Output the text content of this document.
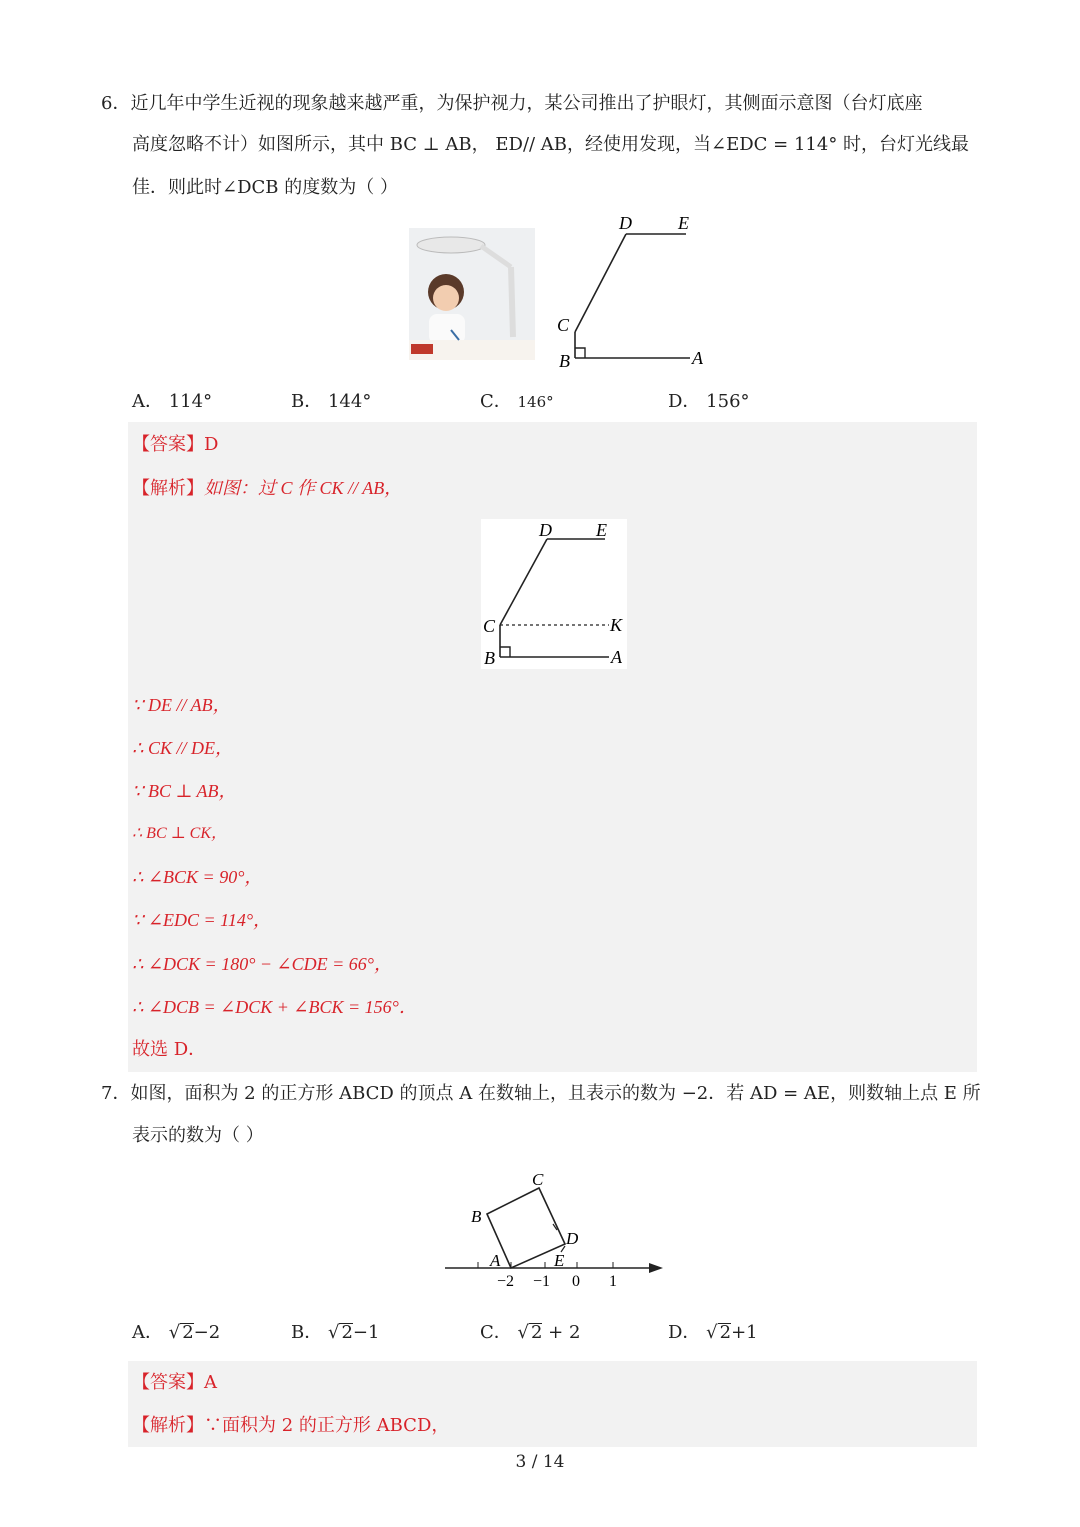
6．近几年中学生近视的现象越来越严重，为保护视力，某公司推出了护眼灯，其侧面示意图（台灯底座
高度忽略不计）如图所示，其中 BC ⊥ AB， ED// AB，经使用发现，当∠EDC = 114° 时，台灯光线最
佳．则此时∠DCB 的度数为（ ）
D	E
C
B	A
A． 114°	B． 144°	C． 146°	D． 156°
【答案】D
【解析】如图：过 C 作 CK // AB，
D E
C	K
B	A
∵ DE // AB，
∴ CK // DE，
∵ BC ⊥ AB，
∴ BC ⊥ CK，
∴ ∠BCK = 90°，
∵ ∠EDC = 114°，
∴ ∠DCK = 180° − ∠CDE = 66°，
∴ ∠DCB = ∠DCK + ∠BCK = 156°．
故选 D．
7．如图，面积为 2 的正方形 ABCD 的顶点 A 在数轴上，且表示的数为 −2．若 AD = AE，则数轴上点 E 所
表示的数为（ ）
C
B
D
A	E
−2 −1 0 1
A． √ 2−2	B． √ 2−1	C． √ 2 + 2	D． √ 2+1
【答案】A
【解析】∵面积为 2 的正方形 ABCD，
3 / 14
